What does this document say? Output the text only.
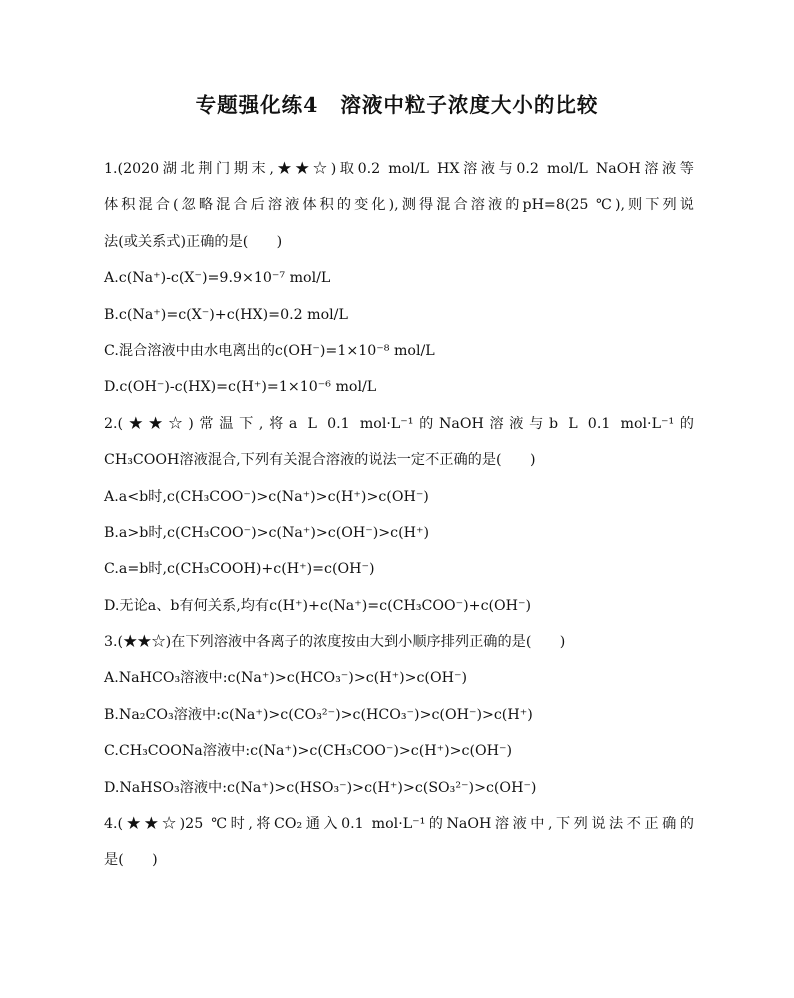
专题强化练4 溶液中粒子浓度大小的比较
1.(2020湖北荆门期末,★★☆)取0.2 mol/L HX溶液与0.2 mol/L NaOH溶液等
体积混合(忽略混合后溶液体积的变化),测得混合溶液的pH=8(25 ℃),则下列说
法(或关系式)正确的是(　　)
A.c(Na⁺)-c(X⁻)=9.9×10⁻⁷ mol/L
B.c(Na⁺)=c(X⁻)+c(HX)=0.2 mol/L
C.混合溶液中由水电离出的c(OH⁻)=1×10⁻⁸ mol/L
D.c(OH⁻)-c(HX)=c(H⁺)=1×10⁻⁶ mol/L
2.(★★☆)常温下,将a L 0.1 mol·L⁻¹的NaOH溶液与b L 0.1 mol·L⁻¹的
CH₃COOH溶液混合,下列有关混合溶液的说法一定不正确的是(　　)
A.a<b时,c(CH₃COO⁻)>c(Na⁺)>c(H⁺)>c(OH⁻)
B.a>b时,c(CH₃COO⁻)>c(Na⁺)>c(OH⁻)>c(H⁺)
C.a=b时,c(CH₃COOH)+c(H⁺)=c(OH⁻)
D.无论a、b有何关系,均有c(H⁺)+c(Na⁺)=c(CH₃COO⁻)+c(OH⁻)
3.(★★☆)在下列溶液中各离子的浓度按由大到小顺序排列正确的是(　　)
A.NaHCO₃溶液中:c(Na⁺)>c(HCO₃⁻)>c(H⁺)>c(OH⁻)
B.Na₂CO₃溶液中:c(Na⁺)>c(CO₃²⁻)>c(HCO₃⁻)>c(OH⁻)>c(H⁺)
C.CH₃COONa溶液中:c(Na⁺)>c(CH₃COO⁻)>c(H⁺)>c(OH⁻)
D.NaHSO₃溶液中:c(Na⁺)>c(HSO₃⁻)>c(H⁺)>c(SO₃²⁻)>c(OH⁻)
4.(★★☆)25 ℃时,将CO₂通入0.1 mol·L⁻¹的NaOH溶液中,下列说法不正确的
是(　　)
